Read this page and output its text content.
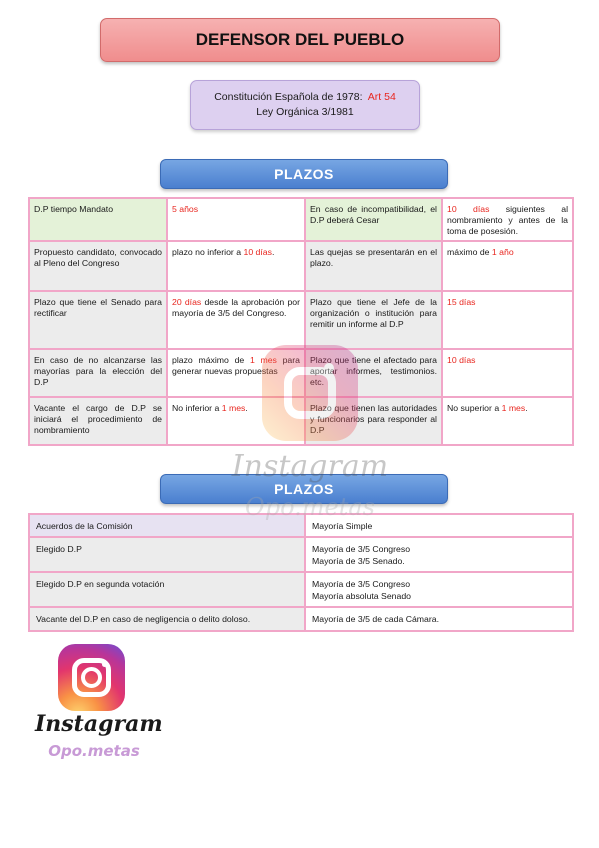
DEFENSOR DEL PUEBLO
Constitución Española de 1978: Art 54
Ley Orgánica 3/1981
PLAZOS
D.P tiempo Mandato	5 años	En caso de incompatibilidad, el D.P deberá Cesar	10 días siguientes al nombramiento y antes de la toma de posesión.
Propuesto candidato, convocado al Pleno del Congreso	plazo no inferior a 10 días.	Las quejas se presentarán en el plazo.	máximo de 1 año
Plazo que tiene el Senado para rectificar	20 días desde la aprobación por mayoría de 3/5 del Congreso.	Plazo que tiene el Jefe de la organización o institución para remitir un informe al D.P	15 días
En caso de no alcanzarse las mayorías para la elección del D.P	plazo máximo de 1 mes para generar nuevas propuestas	Plazo que tiene el afectado para aportar informes, testimonios. etc.	10 días
Vacante el cargo de D.P se iniciará el procedimiento de nombramiento	No inferior a 1 mes.	Plazo que tienen las autoridades y funcionarios para responder al D.P	No superior a 1 mes.
PLAZOS
Acuerdos de la Comisión	Mayoría Simple

Elegido D.P	Mayoría de 3/5 Congreso
Mayoría de 3/5 Senado.

Elegido D.P en segunda votación	Mayoría de 3/5 Congreso
Mayoría absoluta Senado

Vacante del D.P en caso de negligencia o delito doloso.	Mayoría de 3/5 de cada Cámara.
Instagram
Opo.metas
Instagram
Opo.metas
